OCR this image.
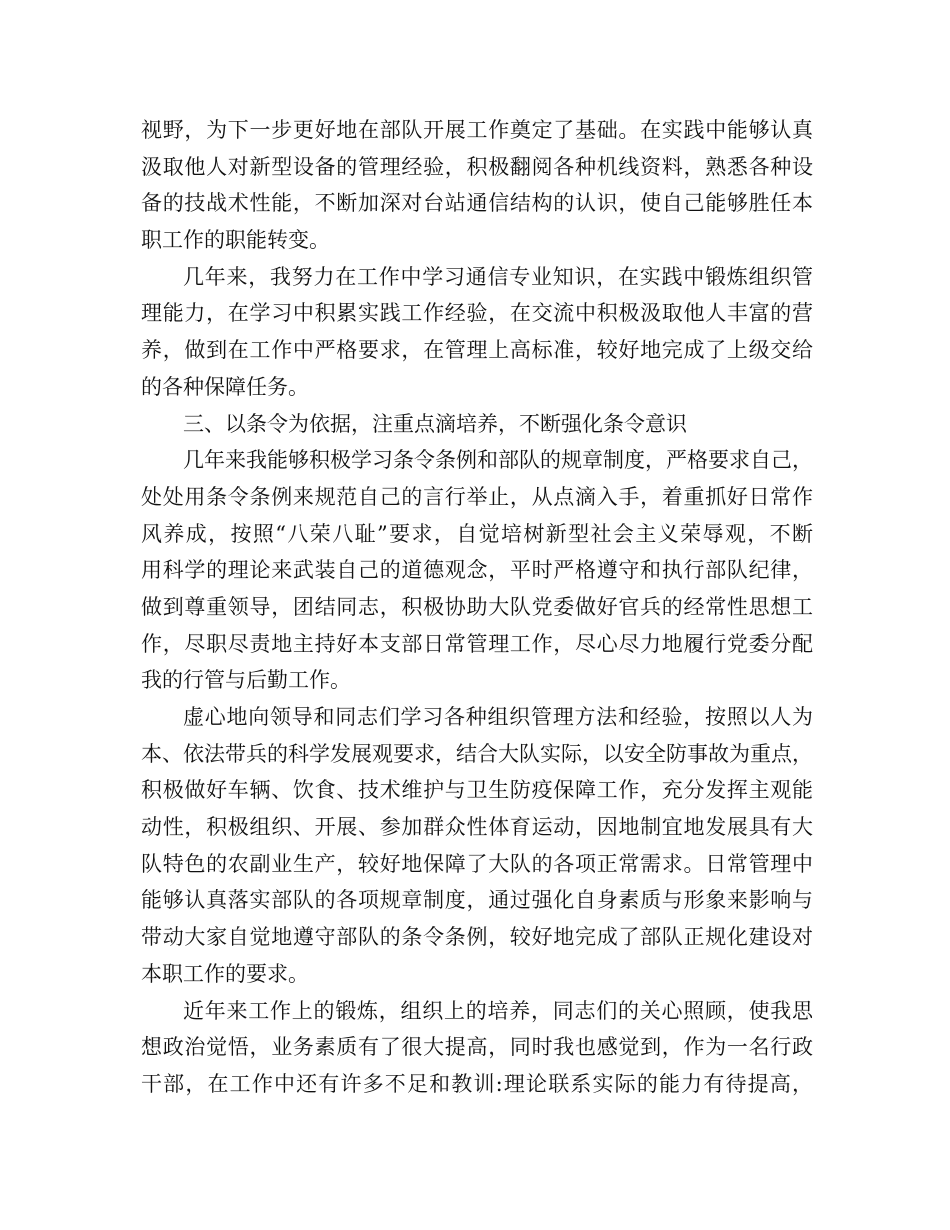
视野，为下一步更好地在部队开展工作奠定了基础。在实践中能够认真
汲取他人对新型设备的管理经验，积极翻阅各种机线资料，熟悉各种设
备的技战术性能，不断加深对台站通信结构的认识，使自己能够胜任本
职工作的职能转变。
几年来，我努力在工作中学习通信专业知识，在实践中锻炼组织管
理能力，在学习中积累实践工作经验，在交流中积极汲取他人丰富的营
养，做到在工作中严格要求，在管理上高标准，较好地完成了上级交给
的各种保障任务。
三、以条令为依据，注重点滴培养，不断强化条令意识
几年来我能够积极学习条令条例和部队的规章制度，严格要求自己，
处处用条令条例来规范自己的言行举止，从点滴入手，着重抓好日常作
风养成，按照“八荣八耻”要求，自觉培树新型社会主义荣辱观，不断
用科学的理论来武装自己的道德观念，平时严格遵守和执行部队纪律，
做到尊重领导，团结同志，积极协助大队党委做好官兵的经常性思想工
作，尽职尽责地主持好本支部日常管理工作，尽心尽力地履行党委分配
我的行管与后勤工作。
虚心地向领导和同志们学习各种组织管理方法和经验，按照以人为
本、依法带兵的科学发展观要求，结合大队实际，以安全防事故为重点，
积极做好车辆、饮食、技术维护与卫生防疫保障工作，充分发挥主观能
动性，积极组织、开展、参加群众性体育运动，因地制宜地发展具有大
队特色的农副业生产，较好地保障了大队的各项正常需求。日常管理中
能够认真落实部队的各项规章制度，通过强化自身素质与形象来影响与
带动大家自觉地遵守部队的条令条例，较好地完成了部队正规化建设对
本职工作的要求。
近年来工作上的锻炼，组织上的培养，同志们的关心照顾，使我思
想政治觉悟，业务素质有了很大提高，同时我也感觉到，作为一名行政
干部，在工作中还有许多不足和教训:理论联系实际的能力有待提高，
